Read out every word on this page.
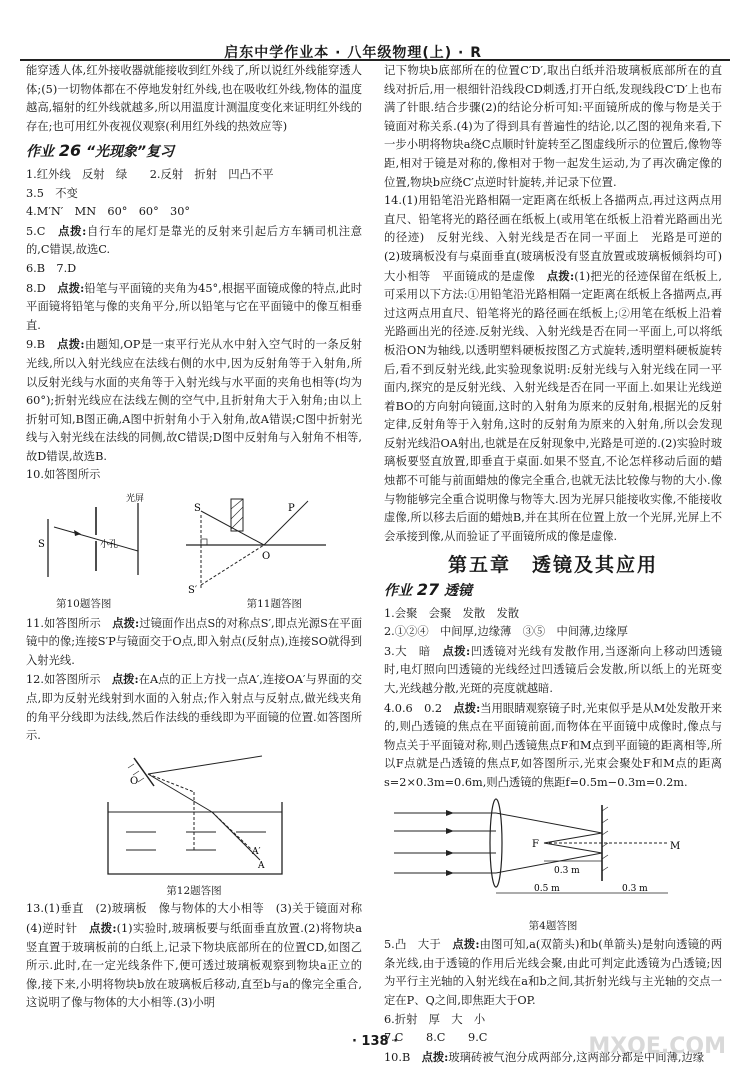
启东中学作业本 · 八年级物理(上) · R

能穿透人体,红外接收器就能接收到红外线了,所以说红外线能穿透人体;(5)一切物体都在不停地发射红外线,也在吸收红外线,物体的温度越高,辐射的红外线就越多,所以用温度计测温度变化来证明红外线的存在;也可用红外夜视仪观察(利用红外线的热效应等)

作业 26 “光现象”复习

1.红外线　反射　绿　　2.反射　折射　凹凸不平

3.5　不变

4.M′N′　MN　60°　60°　30°

5.C　点拨:自行车的尾灯是靠光的反射来引起后方车辆司机注意的,C错误,故选C.

6.B　7.D

8.D　点拨:铅笔与平面镜的夹角为45°,根据平面镜成像的特点,此时平面镜将铅笔与像的夹角平分,所以铅笔与它在平面镜中的像互相垂直.

9.B　点拨:由题知,OP是一束平行光从水中射入空气时的一条反射光线,所以入射光线应在法线右侧的水中,因为反射角等于入射角,所以反射光线与水面的夹角等于入射光线与水平面的夹角也相等(均为60°);折射光线应在法线左侧的空气中,且折射角大于入射角;由以上折射可知,B图正确,A图中折射角小于入射角,故A错误;C图中折射光线与入射光线在法线的同侧,故C错误;D图中反射角与入射角不相等,故D错误,故选B.

10.如答图所示

S	小孔
光屏
S	P
O
S′
第10题答图	第11题答图

11.如答图所示　点拨:过镜面作出点S的对称点S′,即点光源S在平面镜中的像;连接S′P与镜面交于O点,即入射点(反射点),连接SO就得到入射光线.

12.如答图所示　点拨:在A点的正上方找一点A′,连接OA′与界面的交点,即为反射光线射到水面的入射点;作入射点与反射点,做光线夹角的角平分线即为法线,然后作法线的垂线即为平面镜的位置.如答图所示.

O
A′
A
第12题答图

13.(1)垂直　(2)玻璃板　像与物体的大小相等　(3)关于镜面对称　(4)逆时针　点拨:(1)实验时,玻璃板要与纸面垂直放置.(2)将物块a竖直置于玻璃板前的白纸上,记录下物块底部所在的位置CD,如图乙所示.此时,在一定光线条件下,便可透过玻璃板观察到物块a正立的像,接下来,小明将物块b放在玻璃板后移动,直至b与a的像完全重合,这说明了像与物体的大小相等.(3)小明

记下物块b底部所在的位置C′D′,取出白纸并沿玻璃板底部所在的直线对折后,用一根细针沿线段CD刺透,打开白纸,发现线段C′D′上也布满了针眼.结合步骤(2)的结论分析可知:平面镜所成的像与物是关于镜面对称关系.(4)为了得到具有普遍性的结论,以乙图的视角来看,下一步小明将物块a绕C点顺时针旋转至乙图虚线所示的位置后,像物等距,相对于镜是对称的,像相对于物一起发生运动,为了再次确定像的位置,物块b应绕C′点逆时针旋转,并记录下位置.

14.(1)用铅笔沿光路相隔一定距离在纸板上各描两点,再过这两点用直尺、铅笔将光的路径画在纸板上(或用笔在纸板上沿着光路画出光的径迹)　反射光线、入射光线是否在同一平面上　光路是可逆的　(2)玻璃板没有与桌面垂直(玻璃板没有竖直放置或玻璃板倾斜均可)　大小相等　平面镜成的是虚像　点拨:(1)把光的径迹保留在纸板上,可采用以下方法:①用铅笔沿光路相隔一定距离在纸板上各描两点,再过这两点用直尺、铅笔将光的路径画在纸板上;②用笔在纸板上沿着光路画出光的径迹.反射光线、入射光线是否在同一平面上,可以将纸板沿ON为轴线,以透明塑料硬板按图乙方式旋转,透明塑料硬板旋转后,看不到反射光线,此实验现象说明:反射光线与入射光线在同一平面内,探究的是反射光线、入射光线是否在同一平面上.如果让光线逆着BO的方向射向镜面,这时的入射角为原来的反射角,根据光的反射定律,反射角等于入射角,这时的反射角为原来的入射角,所以会发现反射光线沿OA射出,也就是在反射现象中,光路是可逆的.(2)实验时玻璃板要竖直放置,即垂直于桌面.如果不竖直,不论怎样移动后面的蜡烛都不可能与前面蜡烛的像完全重合,也就无法比较像与物的大小.像与物能够完全重合说明像与物等大.因为光屏只能接收实像,不能接收虚像,所以移去后面的蜡烛B,并在其所在位置上放一个光屏,光屏上不会承接到像,从而验证了平面镜所成的像是虚像.

第五章　透镜及其应用
作业 27 透镜

1.会聚　会聚　发散　发散

2.①②④　中间厚,边缘薄　③⑤　中间薄,边缘厚

3.大　暗　点拨:凹透镜对光线有发散作用,当逐渐向上移动凹透镜时,电灯照向凹透镜的光线经过凹透镜后会发散,所以纸上的光斑变大,光线越分散,光斑的亮度就越暗.

4.0.6　0.2　点拨:当用眼睛观察镜子时,光束似乎是从M处发散开来的,则凸透镜的焦点在平面镜前面,而物体在平面镜中成像时,像点与物点关于平面镜对称,则凸透镜焦点F和M点到平面镜的距离相等,所以F点就是凸透镜的焦点F,如答图所示,光束会聚处F和M点的距离s=2×0.3m=0.6m,则凸透镜的焦距f=0.5m−0.3m=0.2m.

F	M
0.3 m
0.5 m	0.3 m
第4题答图

5.凸　大于　点拨:由图可知,a(双箭头)和b(单箭头)是射向透镜的两条光线,由于透镜的作用后光线会聚,由此可判定此透镜为凸透镜;因为平行主光轴的入射光线在a和b之间,其折射光线与主光轴的交点一定在P、Q之间,即焦距大于OP.

6.折射　厚　大　小

7.C　　8.C　　9.C

10.B　点拨:玻璃砖被气泡分成两部分,这两部分都是中间薄,边缘

· 138 ·	MXQE.COM
